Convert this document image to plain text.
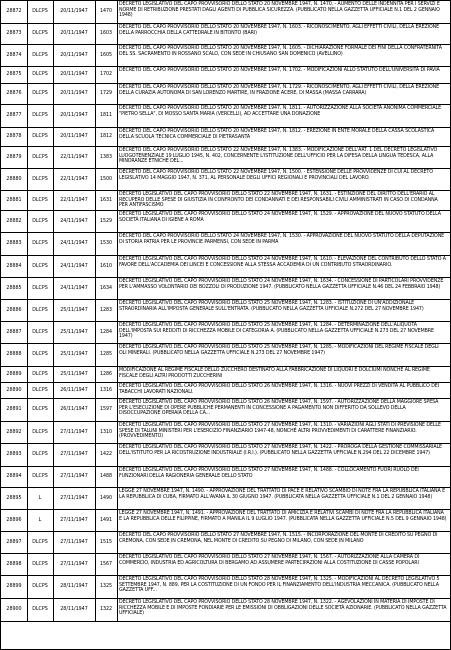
28872	DLCPS	20/11/1947	1470
DECRETO LEGISLATIVO DEL CAPO PROVVISORIO DELLO STATO 20 NOVEMBRE 1947, N. 1470. - AUMENTO DELLE INDENNITÀ PER I SERVIZI E NORME DI RETRIBUZIONE PRESTATI DAGLI AGENTI DI PUBBLICA SICUREZZA. (PUBBLICATO NELLA GAZZETTA UFFICIALE N.1 DEL 2 GENNAIO 1948)
28873	DLCPS	20/11/1947	1603
DECRETO DEL CAPO PROVVISORIO DELLO STATO 20 NOVEMBRE 1947, N. 1603. - RICONOSCIMENTO, AGLI EFFETTI CIVILI, DELLA EREZIONE DELLA PARROCCHIA DELLA CATTEDRALE IN BITONTO (BARI)
28874	DLCPS	20/11/1947	1605
DECRETO DEL CAPO PROVVISORIO DELLO STATO 20 NOVEMBRE 1947, N. 1605. - DICHIARAZIONE FORMALE DEI FINI DELLA CONFRATERNITA DEL SS. SACRAMENTO IN ROSSANO SCALO, CON SEDE IN CHIUSANO SAN DOMENICO (AVELLINO)
28875	DLCPS	20/11/1947	1702
DECRETO DEL CAPO PROVVISORIO DELLO STATO 20 NOVEMBRE 1947, N. 1702. - MODIFICAZIONI ALLO STATUTO DELL'UNIVERSITÀ DI PAVIA
28876	DLCPS	20/11/1947	1729
DECRETO DEL CAPO PROVVISORIO DELLO STATO 20 NOVEMBRE 1947, N. 1729. - RICONOSCIMENTO, AGLI EFFETTI CIVILI, DELLA EREZIONE DELLA CURAZIA AUTONOMA DI SAN LORENZO MARTIRE, IN FRAZIONE ACERE, DI MASSA (MASSA CARRARA)
28877	DLCPS	20/11/1947	1811
DECRETO DEL CAPO PROVVISORIO DELLO STATO 20 NOVEMBRE 1947, N. 1811. - AUTORIZZAZIONE ALLA SOCIETÀ ANONIMA COMMERCIALE "PIETRO SELLA", DI MOSSO SANTA MARIA (VERCELLI), AD ACCETTARE UNA DONAZIONE
28878	DLCPS	20/11/1947	1812
DECRETO DEL CAPO PROVVISORIO DELLO STATO 20 NOVEMBRE 1947, N. 1812. - EREZIONE IN ENTE MORALE DELLA CASSA SCOLASTICA DELLA SCUOLA TECNICA COMMERCIALE DI PIETRASANTA
28879	DLCPS	22/11/1947	1383
DECRETO DEL CAPO PROVVISORIO DELLO STATO 22 NOVEMBRE 1947, N. 1383. - MODIFICAZIONE DELL'ART. 1 DEL DECRETO LEGISLATIVO LUOGOTENENZIALE 19 LUGLIO 1945, N. 402, CONCERNENTE L'ISTITUZIONE DELL'UFFICIO PER LA DIFESA DELLA LINGUA TEDESCA, ALLA MINORANZE ETNICHE DEL...
28880	DLCPS	22/11/1947	1500
DECRETO DEL CAPO PROVVISORIO DELLO STATO 22 NOVEMBRE 1947, N. 1500. - ESTENSIONE DELLE PROVVIDENZE DI CUI AL DECRETO LEGISLATIVO 14 MAGGIO 1947, N. 371, AL PERSONALE DEGLI UFFICI REGIONALI E PROVINCIALI DEL LAVORO.
28881	DLCPS	22/11/1947	1631
DECRETO LEGISLATIVO DEL CAPO PROVVISORIO DELLO STATO 22 NOVEMBRE 1947, N. 1631. - ESTINZIONE DEL DIRITTO DELL'ERARIO AL RECUPERO DELLE SPESE DI GIUSTIZIA IN CONFRONTO DEI CONDANNATI E DEI RESPONSABILI CIVILI AMMINISTRATI IN CASO DI CONDANNA PER ANTIFASCISMO
28882	DLCPS	24/11/1947	1529
DECRETO LEGISLATIVO DEL CAPO PROVVISORIO DELLO STATO 24 NOVEMBRE 1947, N. 1529. - APPROVAZIONE DEL NUOVO STATUTO DELLA SOCIETÀ ITALIANA DI IGIENE A ROMA
28883	DLCPS	24/11/1947	1530
DECRETO DEL CAPO PROVVISORIO DELLO STATO 24 NOVEMBRE 1947, N. 1530. - APPROVAZIONE DEL NUOVO STATUTO DELLA DEPUTAZIONE DI STORIA PATRIA PER LE PROVINCIE PARMENSI, CON SEDE IN PARMA
28884	DLCPS	24/11/1947	1610
DECRETO LEGISLATIVO DEL CAPO PROVVISORIO DELLO STATO 24 NOVEMBRE 1947, N. 1610. - ELEVAZIONE DEL CONTRIBUTO DELLO STATO A FAVORE DELL'ACCADEMIA DEI LINCEI E CONCESSIONE ALLA STESSA ACCADEMIA DI UN CONTRIBUTO STRAORDINARIO.
28885	DLCPS	24/11/1947	1634
DECRETO LEGISLATIVO DEL CAPO PROVVISORIO DELLO STATO 24 NOVEMBRE 1947, N. 1634. - CONCESSIONE DI PARTICOLARI PROVVIDENZE PER L'AMMASSO VOLONTARIO DEI BOZZOLI DI PRODUZIONE 1947. (PUBBLICATO NELLA GAZZETTA UFFICIALE N.46 DEL 24 FEBBRAIO 1948)
28886	DLCPS	25/11/1947	1283
DECRETO LEGISLATIVO DEL CAPO PROVVISORIO DELLO STATO 25 NOVEMBRE 1947, N. 1283. - ISTITUZIONE DI UN'ADDIZIONALE STRAORDINARIA ALL'IMPOSTA GENERALE SULL'ENTRATA. (PUBBLICATO NELLA GAZZETTA UFFICIALE N.272 DEL 27 NOVEMBRE 1947)
28887	DLCPS	25/11/1947	1284
DECRETO LEGISLATIVO DEL CAPO PROVVISORIO DELLO STATO 25 NOVEMBRE 1947, N. 1284. - DETERMINAZIONE DELL'ALIQUOTA DELL'IMPOSTA SUI REDDITI DI RICCHEZZA MOBILE DI CATEGORIA A. (PUBBLICATO NELLA GAZZETTA UFFICIALE N.273 DEL 27 NOVEMBRE 1947)
28888	DLCPS	25/11/1947	1285
DECRETO LEGISLATIVO DEL CAPO PROVVISORIO DELLO STATO 25 NOVEMBRE 1947, N. 1285. - MODIFICAZIONI DEL REGIME FISCALE DEGLI OLI MINERALI. (PUBBLICATO NELLA GAZZETTA UFFICIALE N.273 DEL 27 NOVEMBRE 1947)
28889	DLCPS	25/11/1947	1286
MODIFICAZIONE AL REGIME FISCALE DELLO ZUCCHERO DESTINATO ALLA FABBRICAZIONE DI LIQUORI E DOLCIUMI NONCHÉ AL REGIME FISCALE DEGLI ALTRI PRODOTTI ZUCCHERINI
28890	DLCPS	26/11/1947	1316
DECRETO LEGISLATIVO DEL CAPO PROVVISORIO DELLO STATO 26 NOVEMBRE 1947, N. 1316. - NUOVI PREZZI DI VENDITA AL PUBBLICO DEI TABACCHI LAVORATI NAZIONALI.
28891	DLCPS	26/11/1947	1597
DECRETO LEGISLATIVO DEL CAPO PROVVISORIO DELLO STATO 26 NOVEMBRE 1947, N. 1597. - AUTORIZZAZIONE DELLA MAGGIORE SPESA PER L'ESECUZIONE DI OPERE PUBBLICHE PERMANENTI IN CONCESSIONE A PAGAMENTO NON DIFFERITO DA SOLLEVO DELLA DISOCCUPAZIONE OPERAIA DELLA CA...
28892	DLCPS	27/11/1947	1310
DECRETO LEGISLATIVO DEL CAPO PROVVISORIO DELLO STATO 27 NOVEMBRE 1947, N. 1310. - VARIAZIONI AGLI STATI DI PREVISIONE DELLE SPESE DI TALUNI MINISTERI PER L'ESERCIZIO FINANZIARIO 1947-48, NONCHÉ ALTRI PROVVEDIMENTI DI CARATTERE FINANZIARIO. (PROVVEDIMENTO)
28893	DLCPS	27/11/1947	1422
DECRETO LEGISLATIVO DEL CAPO PROVVISORIO DELLO STATO 27 NOVEMBRE 1947, N. 1422. - PROROGA DELLA GESTIONE COMMISSARIALE DELL'ISTITUTO PER LA RICOSTRUZIONE INDUSTRIALE (I.R.I.). (PUBBLICATO NELLA GAZZETTA UFFICIALE N.294 DEL 22 DICEMBRE 1947)
28894	DLCPS	27/11/1947	1488
DECRETO LEGISLATIVO DEL CAPO PROVVISORIO DELLO STATO 27 NOVEMBRE 1947, N. 1488. - COLLOCAMENTO FUORI RUOLO DEI FUNZIONARI DELLA RAGIONERIA GENERALE DELLO STATO
28895	L	27/11/1947	1490
LEGGE 27 NOVEMBRE 1947, N. 1490. - APPROVAZIONE DEL TRATTATO DI PACE E RELATIVO SCAMBIO DI NOTE FRA LA REPUBBLICA ITALIANA E LA REPUBBLICA DI CUBA, FIRMATO ALL'AVANA IL 30 GIUGNO 1947. (PUBBLICATA NELLA GAZZETTA UFFICIALE N.1 DEL 2 GENNAIO 1948)
28896	L	27/11/1947	1491
LEGGE 27 NOVEMBRE 1947, N. 1491. - APPROVAZIONE DEL TRATTATO DI AMICIZIA E RELATIVI SCAMBI DI NOTE FRA LA REPUBBLICA ITALIANA E LA REPUBBLICA DELLE FILIPPINE, FIRMATO A MANILA IL 9 LUGLIO 1947. (PUBBLICATA NELLA GAZZETTA UFFICIALE N.5 DEL 9 GENNAIO 1948)
28897	DLCPS	27/11/1947	1515
DECRETO DEL CAPO PROVVISORIO DELLO STATO 27 NOVEMBRE 1947, N. 1515. - INCORPORAZIONE DEL MONTE DI CREDITO SU PEGNO DI CREMONA, CON SEDE IN CREMONA, NEL MONTE DI CREDITO SU PEGNO DI MILANO, CON SEDE IN MILANO
28898	DLCPS	27/11/1947	1567
DECRETO LEGISLATIVO DEL CAPO PROVVISORIO DELLO STATO 27 NOVEMBRE 1947, N. 1567. - AUTORIZZAZIONE ALLA CAMERA DI COMMERCIO, INDUSTRIA ED AGRICOLTURA DI BERGAMO AD ASSUMERE PARTECIPAZIONI ALLA COSTITUZIONE DI CASSE POPOLARI
28899	DLCPS	28/11/1947	1325
DECRETO LEGISLATIVO DEL CAPO PROVVISORIO DELLO STATO 28 NOVEMBRE 1947, N. 1325. - MODIFICAZIONI AL DECRETO LEGISLATIVO 5 SETTEMBRE 1947, N. 889, PER LA COSTITUZIONE DI UN FONDO PER IL FINANZIAMENTO DELL'INDUSTRIA MECCANICA. (PUBBLICATO NELLA GAZZETTA UFF...
28900	DLCPS	28/11/1947	1322
DECRETO LEGISLATIVO DEL CAPO PROVVISORIO DELLO STATO 28 NOVEMBRE 1947, N. 1322. - AGEVOLAZIONI IN MATERIA DI IMPOSTE DI RICCHEZZA MOBILE E DI IMPOSTE FONDIARIE PER LE EMISSIONI DI OBBLIGAZIONI DELLE SOCIETÀ AZIONARIE. (PUBBLICATO NELLA GAZZETTA UFFICIALE)
